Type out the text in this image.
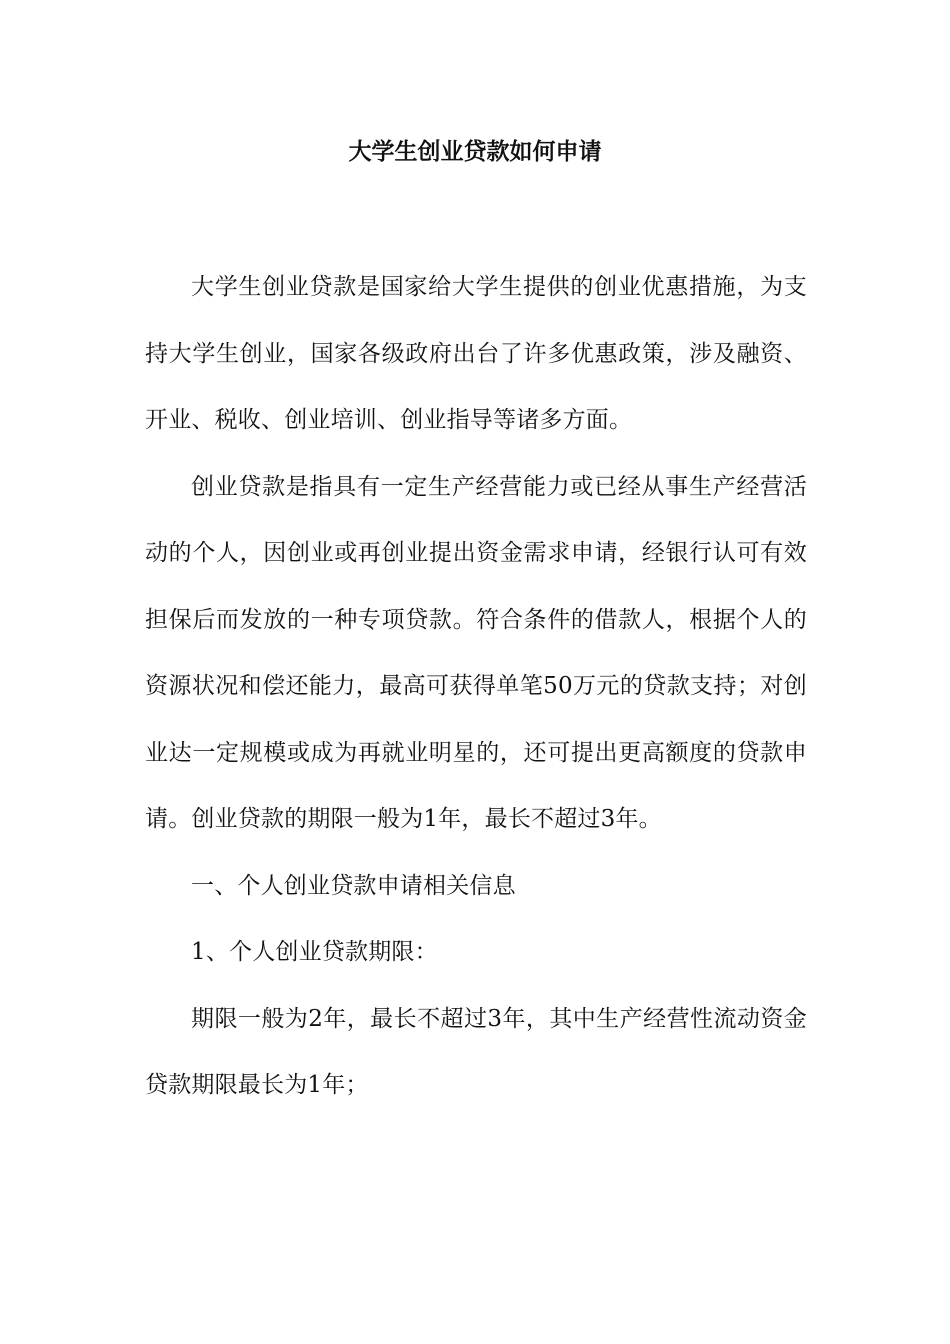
大学生创业贷款如何申请

大学生创业贷款是国家给大学生提供的创业优惠措施，为支持大学生创业，国家各级政府出台了许多优惠政策，涉及融资、开业、税收、创业培训、创业指导等诸多方面。

创业贷款是指具有一定生产经营能力或已经从事生产经营活动的个人，因创业或再创业提出资金需求申请，经银行认可有效担保后而发放的一种专项贷款。符合条件的借款人，根据个人的资源状况和偿还能力，最高可获得单笔50万元的贷款支持；对创业达一定规模或成为再就业明星的，还可提出更高额度的贷款申请。创业贷款的期限一般为1年，最长不超过3年。

一、个人创业贷款申请相关信息

1、个人创业贷款期限：

期限一般为2年，最长不超过3年，其中生产经营性流动资金贷款期限最长为1年；
